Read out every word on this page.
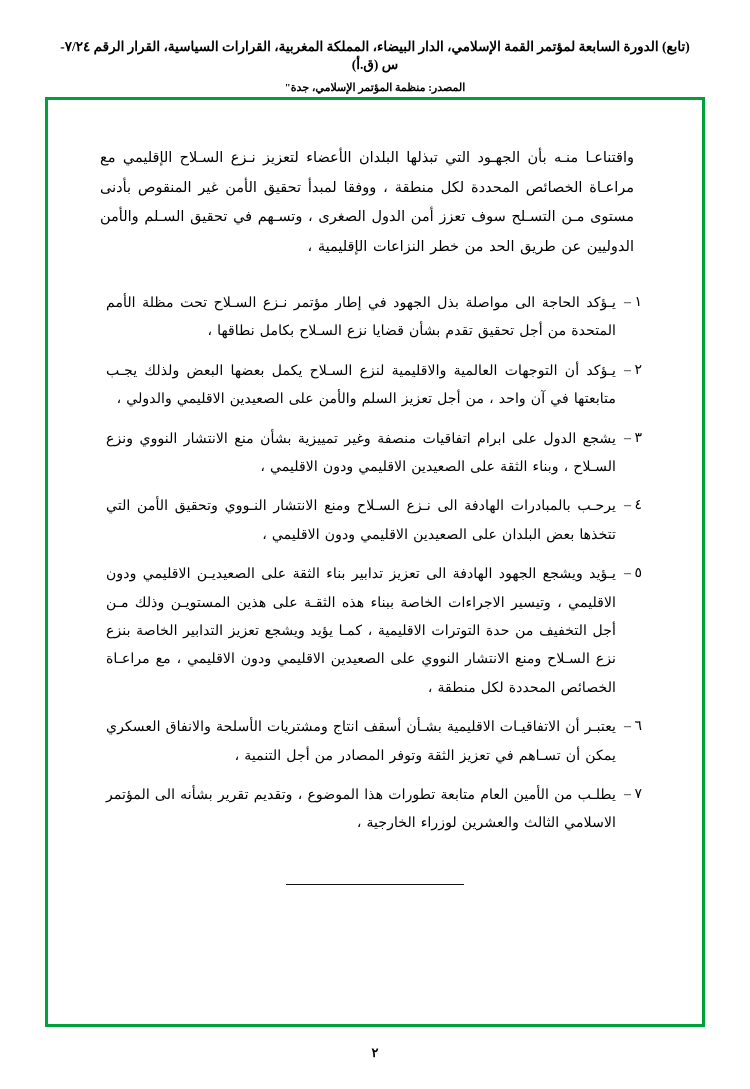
(تابع) الدورة السابعة لمؤتمر القمة الإسلامي، الدار البيضاء، المملكة المغربية، القرارات السياسية، القرار الرقم ٧/٢٤-س (ق.أ)
المصدر: منظمة المؤتمر الإسلامي، جدة"
واقتناعـا منـه بأن الجهـود التي تبذلها البلدان الأعضاء لتعزيز نـزع السـلاح الإقليمي مع مراعـاة الخصائص المحددة لكل منطقة ، ووفقا لمبدأ تحقيق الأمن غير المنقوص بأدنى مستوى مـن التسـلح سوف تعزز أمن الدول الصغرى ، وتسـهم في تحقيق السـلم والأمن الدوليين عن طريق الحد من خطر النزاعات الإقليمية ،
١ –
يـؤكد الحاجة الى مواصلة بذل الجهود في إطار مؤتمر نـزع السـلاح تحت مظلة الأمم المتحدة من أجل تحقيق تقدم بشأن قضايا نزع السـلاح بكامل نطاقها ،
٢ –
يـؤكد أن التوجهات العالمية والاقليمية لنزع السـلاح يكمل بعضها البعض ولذلك يجـب متابعتها في آن واحد ، من أجل تعزيز السلم والأمن على الصعيدين الاقليمي والدولي ،
٣ –
يشجع الدول على ابرام اتفاقيات منصفة وغير تمييزية بشأن منع الانتشار النووي ونزع السـلاح ، وبناء الثقة على الصعيدين الاقليمي ودون الاقليمي ،
٤ –
يرحـب بالمبادرات الهادفة الى نـزع السـلاح ومنع الانتشار النـووي وتحقيق الأمن التي تتخذها بعض البلدان على الصعيدين الاقليمي ودون الاقليمي ،
٥ –
يـؤيد ويشجع الجهود الهادفة الى تعزيز تدابير بناء الثقة على الصعيديـن الاقليمي ودون الاقليمي ، وتيسير الاجراءات الخاصة ببناء هذه الثقـة على هذين المستويـن وذلك مـن أجل التخفيف من حدة التوترات الاقليمية ، كمـا يؤيد ويشجع تعزيز التدابير الخاصة بنزع نزع السـلاح ومنع الانتشار النووي على الصعيدين الاقليمي ودون الاقليمي ، مع مراعـاة الخصائص المحددة لكل منطقة ،
٦ –
يعتبـر أن الاتفاقيـات الاقليمية بشـأن أسقف انتاج ومشتريات الأسلحة والانفاق العسكري يمكن أن تسـاهم في تعزيز الثقة وتوفر المصادر من أجل التنمية ،
٧ –
يطلـب من الأمين العام متابعة تطورات هذا الموضوع ، وتقديم تقرير بشأنه الى المؤتمر الاسلامي الثالث والعشرين لوزراء الخارجية ،
٢
